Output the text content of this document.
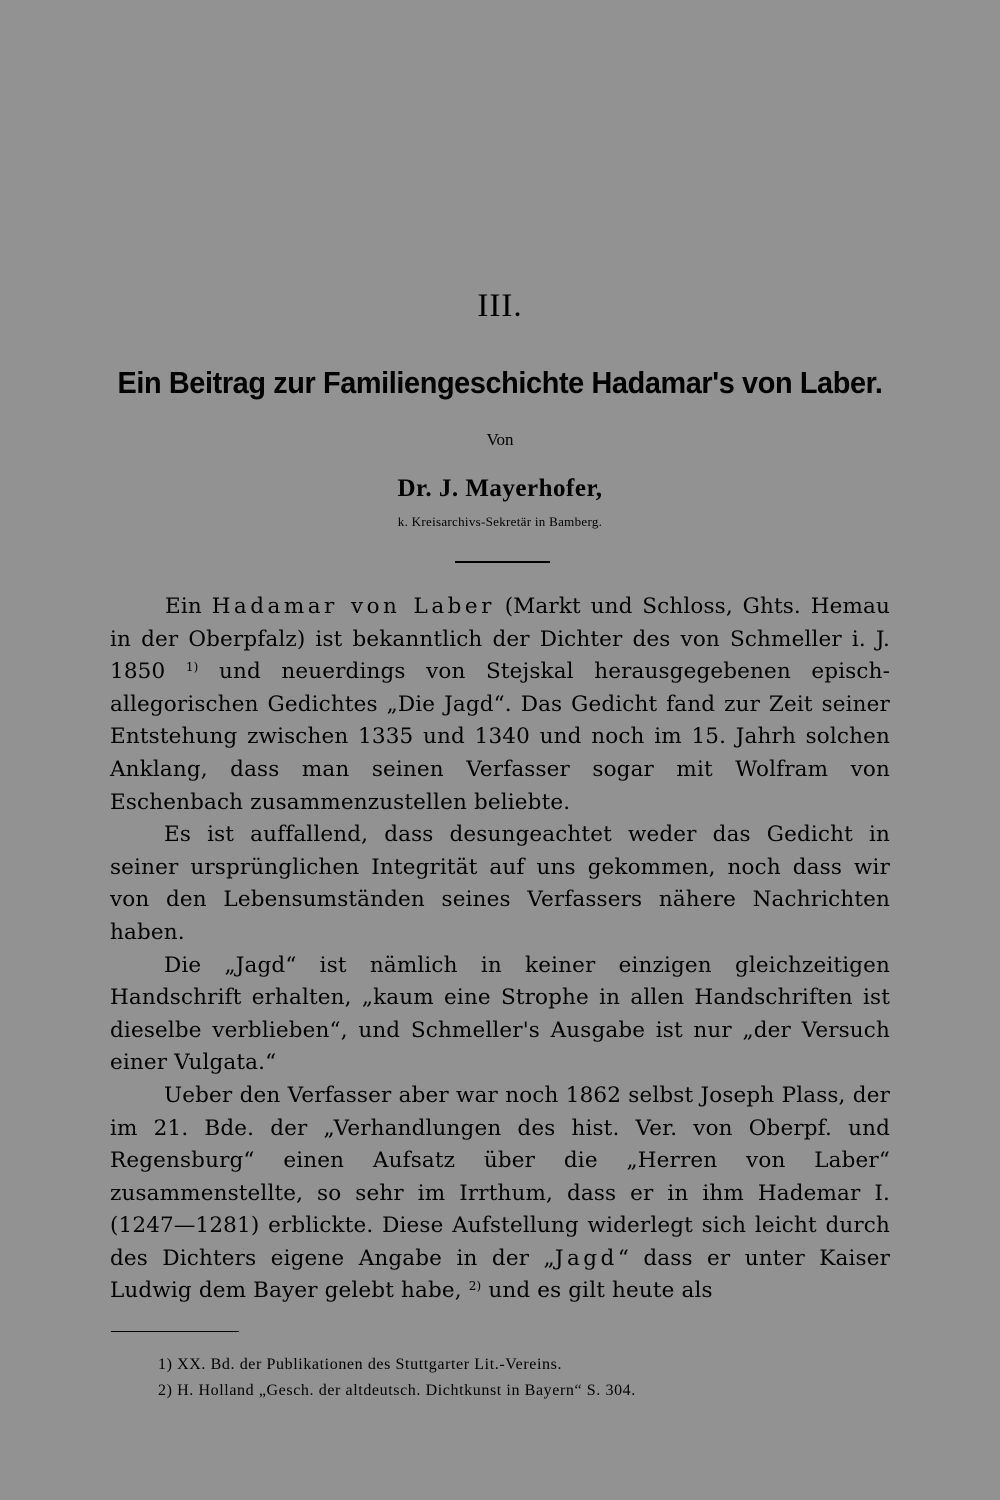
III.
Ein Beitrag zur Familiengeschichte Hadamar's von Laber.
Von
Dr. J. Mayerhofer,
k. Kreisarchivs-Sekretär in Bamberg.

Ein Hadamar von Laber (Markt und Schloss, Ghts. Hemau in der Oberpfalz) ist bekanntlich der Dichter des von Schmeller i. J. 1850 $^{1)}$ und neuerdings von Stejskal herausgegebenen episch-allegorischen Gedichtes „Die Jagd“. Das Gedicht fand zur Zeit seiner Entstehung zwischen 1335 und 1340 und noch im 15. Jahrh solchen Anklang, dass man seinen Verfasser sogar mit Wolfram von Eschenbach zusammenzustellen beliebte.

Es ist auffallend, dass desungeachtet weder das Gedicht in seiner ursprünglichen Integrität auf uns gekommen, noch dass wir von den Lebensumständen seines Verfassers nähere Nachrichten haben.

Die „Jagd“ ist nämlich in keiner einzigen gleichzeitigen Handschrift erhalten, „kaum eine Strophe in allen Handschriften ist dieselbe verblieben“, und Schmeller's Ausgabe ist nur „der Versuch einer Vulgata.“

Ueber den Verfasser aber war noch 1862 selbst Joseph Plass, der im 21. Bde. der „Verhandlungen des hist. Ver. von Oberpf. und Regensburg“ einen Aufsatz über die „Herren von Laber“ zusammenstellte, so sehr im Irrthum, dass er in ihm Hademar I. (1247—1281) erblickte. Diese Aufstellung widerlegt sich leicht durch des Dichters eigene Angabe in der „Jagd“ dass er unter Kaiser Ludwig dem Bayer gelebt habe, $^{2)}$ und es gilt heute als

1) XX. Bd. der Publikationen des Stuttgarter Lit.-Vereins.
2) H. Holland „Gesch. der altdeutsch. Dichtkunst in Bayern“ S. 304.
